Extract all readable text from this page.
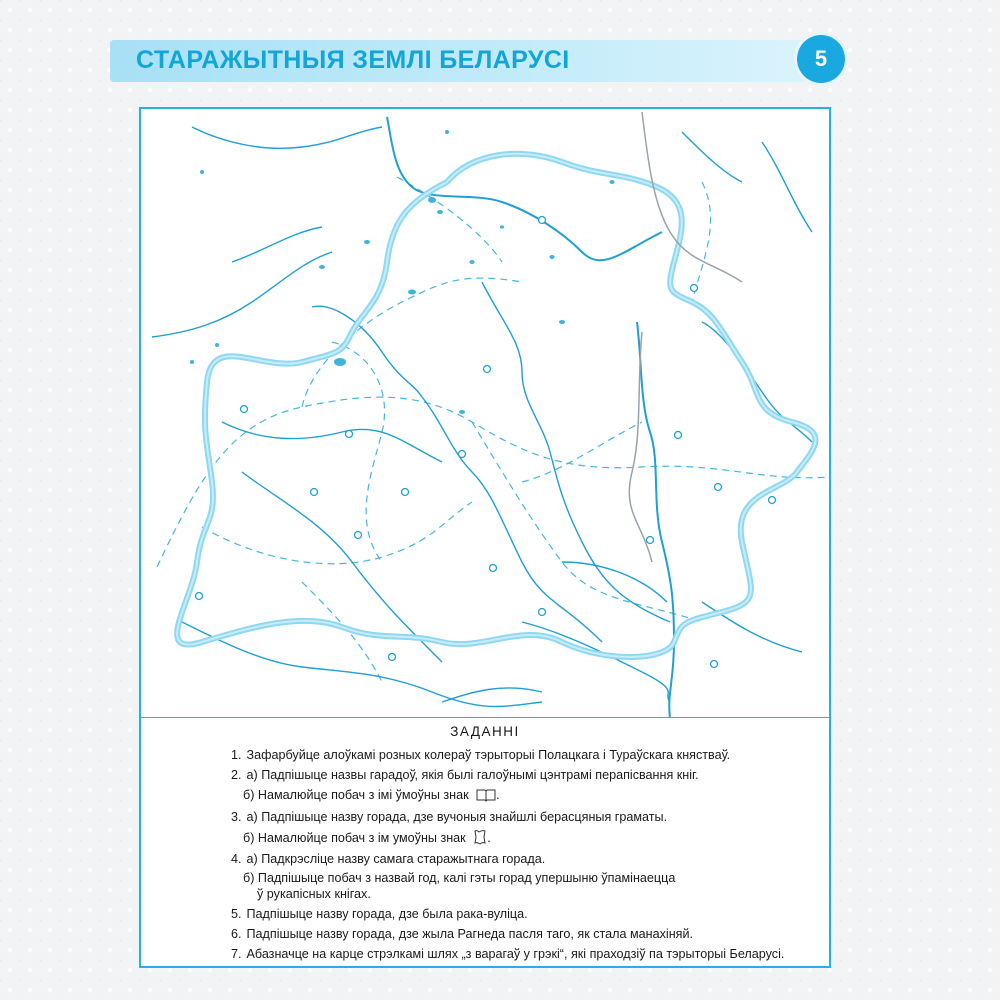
СТАРАЖЫТНЫЯ ЗЕМЛІ БЕЛАРУСІ	5
ЗАДАННІ
1. Зафарбуйце алоўкамі розных колераў тэрыторыі Полацкага і Тураўскага княстваў.
2. а) Падпішыце назвы гарадоў, якія былі галоўнымі цэнтрамі перапісвання кніг.
б) Намалюйце побач з імі ўмоўны знак .
3. а) Падпішыце назву горада, дзе вучоныя знайшлі берасцяныя граматы.
б) Намалюйце побач з ім умоўны знак .
4. а) Падкрэсліце назву самага старажытнага горада.
б) Падпішыце побач з назвай год, калі гэты горад упершыню ўпамінаецца
ў рукапісных кнігах.
5. Падпішыце назву горада, дзе была рака-вуліца.
6. Падпішыце назву горада, дзе жыла Рагнеда пасля таго, як стала манахіняй.
7. Абазначце на карце стрэлкамі шлях „з варагаў у грэкі“, які праходзіў па тэрыторыі Беларусі.
